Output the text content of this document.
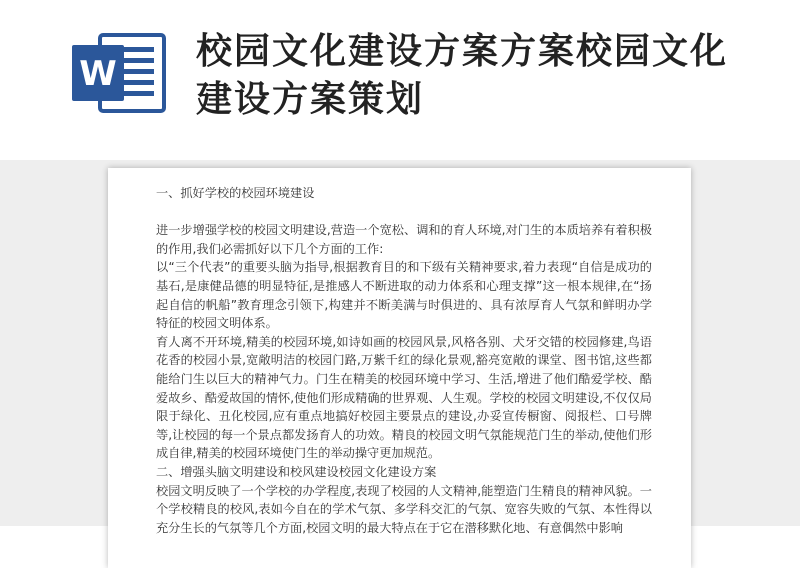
W
校园文化建设方案方案校园文化建设方案策划

一、抓好学校的校园环境建设

进一步增强学校的校园文明建设,营造一个宽松、调和的育人环境,对门生的本质培养有着积极的作用,我们必需抓好以下几个方面的工作:

以“三个代表”的重要头脑为指导,根据教育目的和下级有关精神要求,着力表现“自信是成功的基石,是康健品德的明显特征,是推感人不断进取的动力体系和心理支撑”这一根本规律,在“扬起自信的帆船”教育理念引领下,构建并不断美满与时俱进的、具有浓厚育人气氛和鲜明办学特征的校园文明体系。

育人离不开环境,精美的校园环境,如诗如画的校园风景,风格各别、犬牙交错的校园修建,鸟语花香的校园小景,宽敞明洁的校园门路,万紫千红的绿化景观,豁亮宽敞的课堂、图书馆,这些都能给门生以巨大的精神气力。门生在精美的校园环境中学习、生活,增进了他们酷爱学校、酷爱故乡、酷爱故国的情怀,使他们形成精确的世界观、人生观。学校的校园文明建设,不仅仅局限于绿化、丑化校园,应有重点地搞好校园主要景点的建设,办妥宣传橱窗、阅报栏、口号牌等,让校园的每一个景点都发扬育人的功效。精良的校园文明气氛能规范门生的举动,使他们形成自律,精美的校园环境使门生的举动操守更加规范。

二、增强头脑文明建设和校风建设校园文化建设方案

校园文明反映了一个学校的办学程度,表现了校园的人文精神,能塑造门生精良的精神风貌。一个学校精良的校风,表如今自在的学术气氛、多学科交汇的气氛、宽容失败的气氛、本性得以充分生长的气氛等几个方面,校园文明的最大特点在于它在潜移默化地、有意偶然中影响
